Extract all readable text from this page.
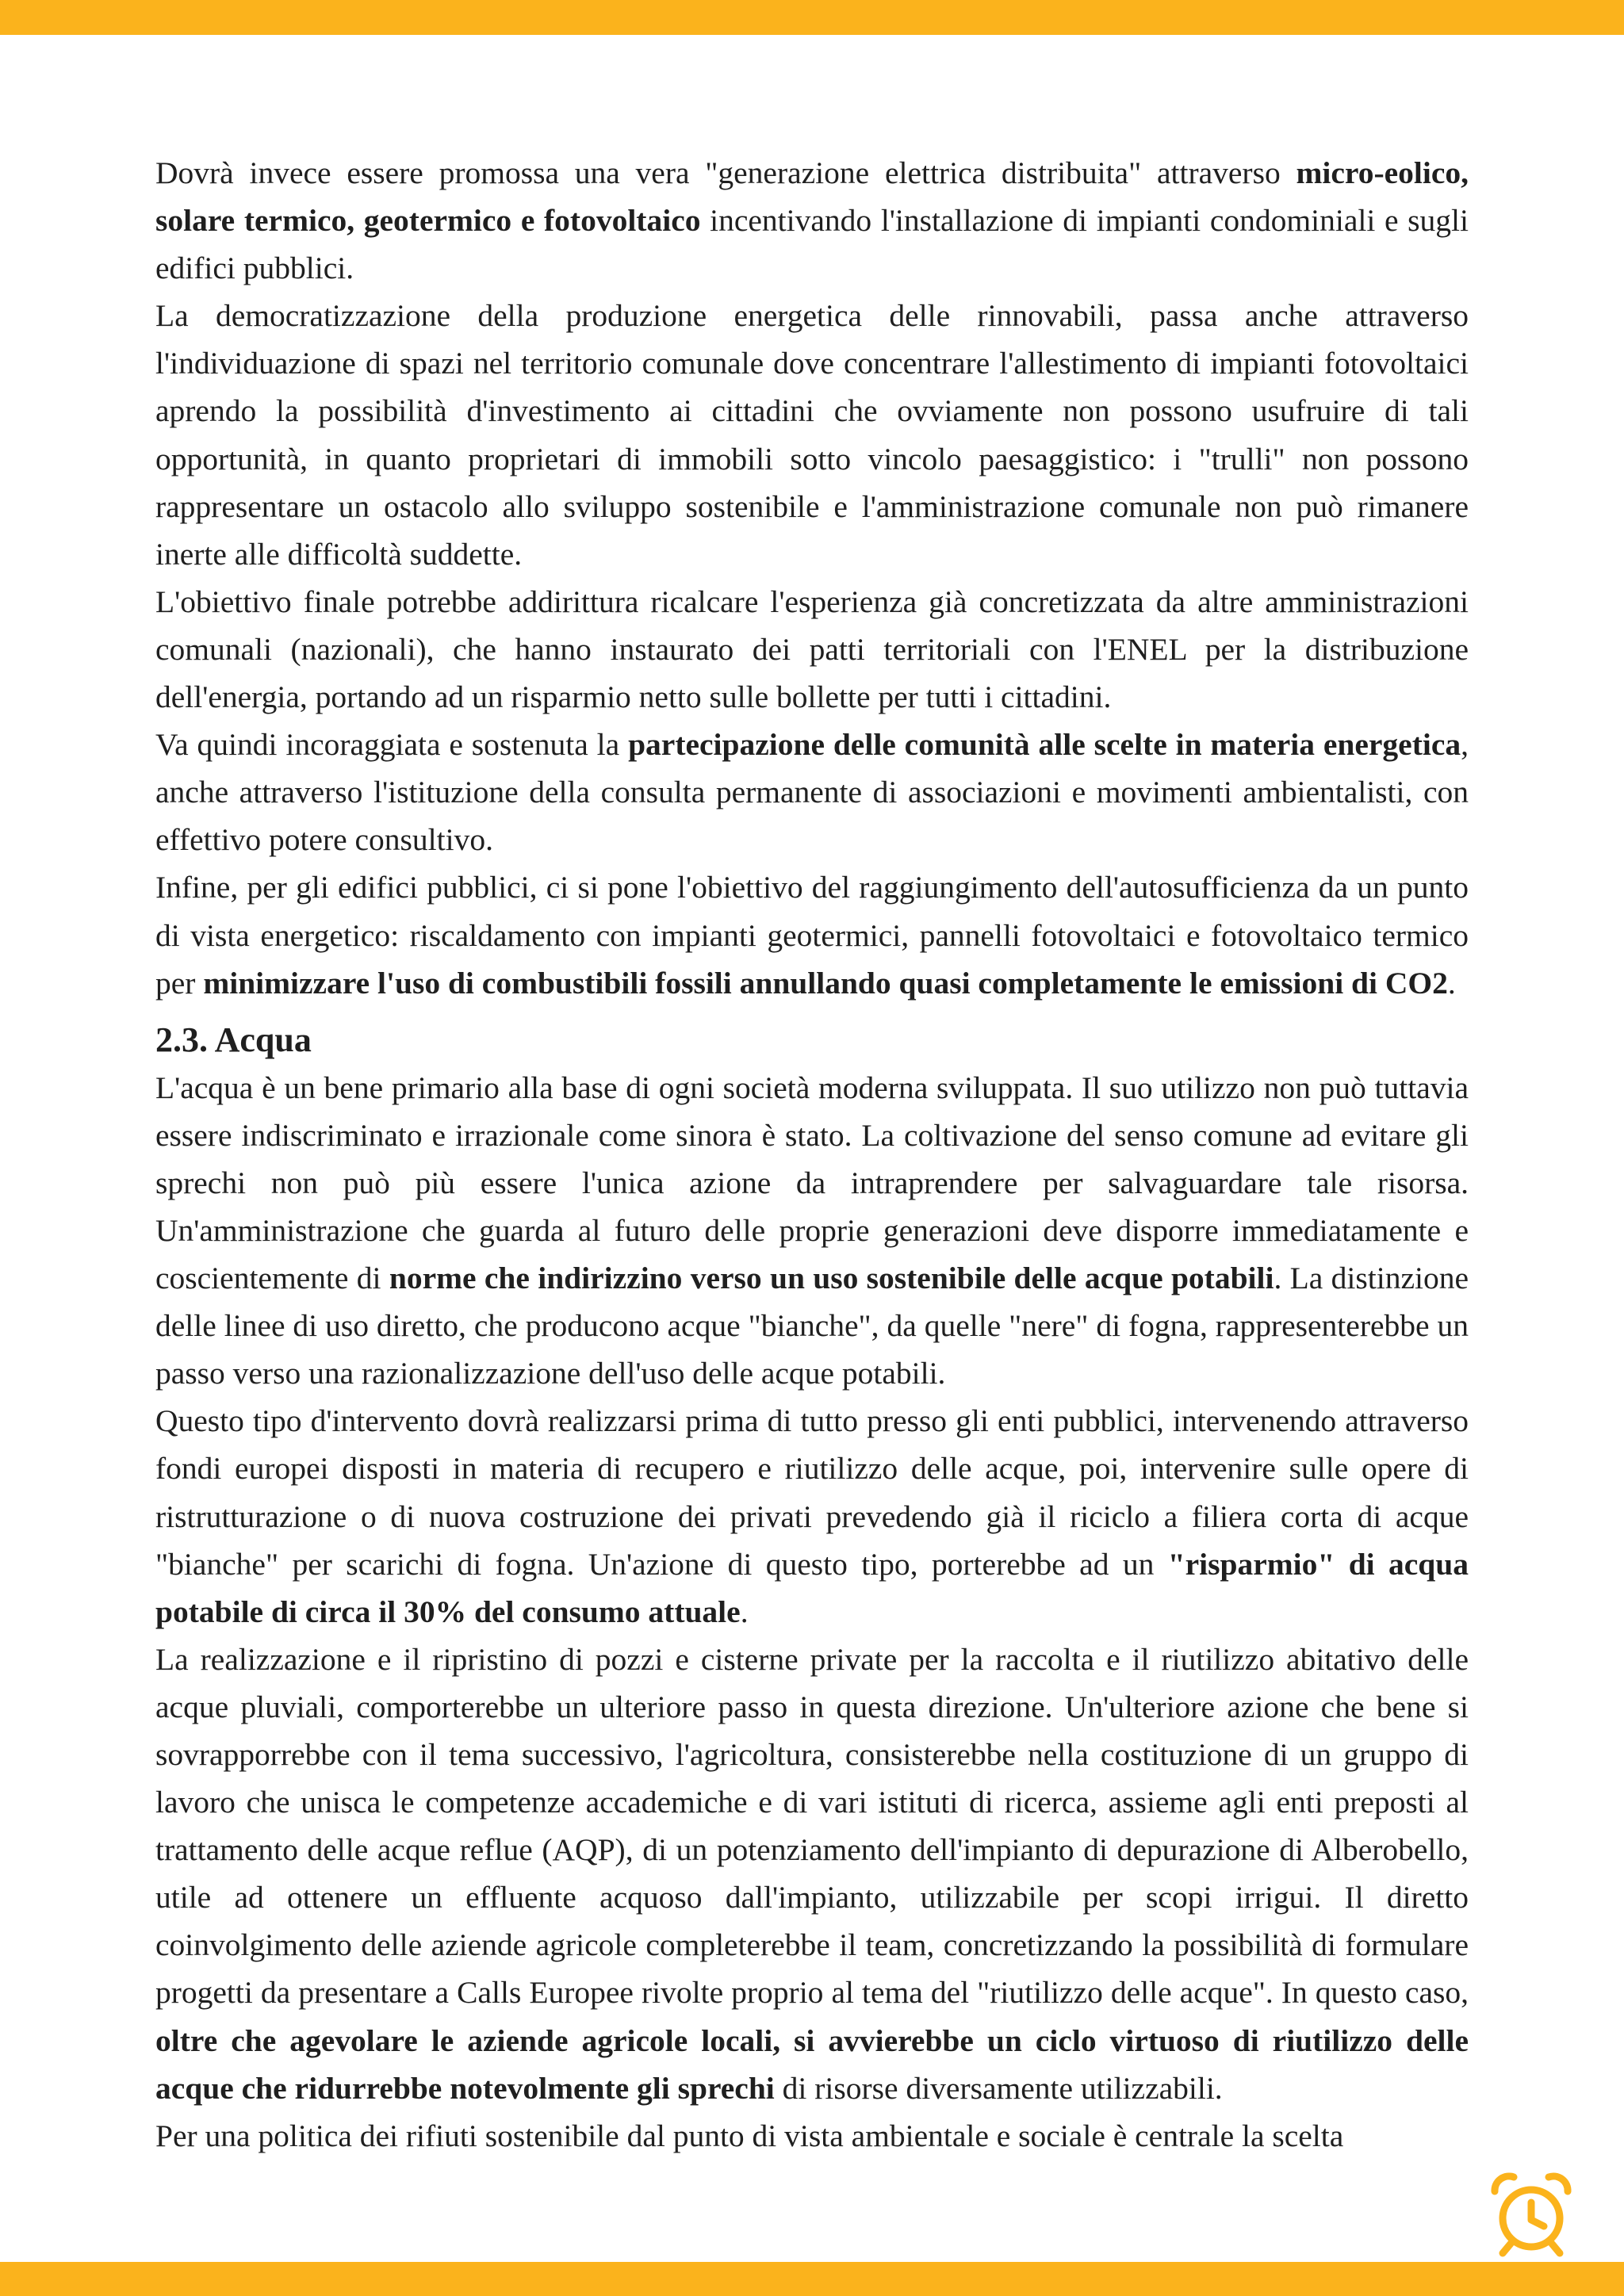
Dovrà invece essere promossa una vera "generazione elettrica distribuita" attraverso micro-eolico, solare termico, geotermico e fotovoltaico incentivando l'installazione di impianti condominiali e sugli edifici pubblici.

La democratizzazione della produzione energetica delle rinnovabili, passa anche attraverso l'individuazione di spazi nel territorio comunale dove concentrare l'allestimento di impianti fotovoltaici aprendo la possibilità d'investimento ai cittadini che ovviamente non possono usufruire di tali opportunità, in quanto proprietari di immobili sotto vincolo paesaggistico: i "trulli" non possono rappresentare un ostacolo allo sviluppo sostenibile e l'amministrazione comunale non può rimanere inerte alle difficoltà suddette.

L'obiettivo finale potrebbe addirittura ricalcare l'esperienza già concretizzata da altre amministrazioni comunali (nazionali), che hanno instaurato dei patti territoriali con l'ENEL per la distribuzione dell'energia, portando ad un risparmio netto sulle bollette per tutti i cittadini.

Va quindi incoraggiata e sostenuta la partecipazione delle comunità alle scelte in materia energetica, anche attraverso l'istituzione della consulta permanente di associazioni e movimenti ambientalisti, con effettivo potere consultivo.

Infine, per gli edifici pubblici, ci si pone l'obiettivo del raggiungimento dell'autosufficienza da un punto di vista energetico: riscaldamento con impianti geotermici, pannelli fotovoltaici e fotovoltaico termico per minimizzare l'uso di combustibili fossili annullando quasi completamente le emissioni di CO2.

2.3. Acqua

L'acqua è un bene primario alla base di ogni società moderna sviluppata. Il suo utilizzo non può tuttavia essere indiscriminato e irrazionale come sinora è stato. La coltivazione del senso comune ad evitare gli sprechi non può più essere l'unica azione da intraprendere per salvaguardare tale risorsa. Un'amministrazione che guarda al futuro delle proprie generazioni deve disporre immediatamente e coscientemente di norme che indirizzino verso un uso sostenibile delle acque potabili. La distinzione delle linee di uso diretto, che producono acque "bianche", da quelle "nere" di fogna, rappresenterebbe un passo verso una razionalizzazione dell'uso delle acque potabili.

Questo tipo d'intervento dovrà realizzarsi prima di tutto presso gli enti pubblici, intervenendo attraverso fondi europei disposti in materia di recupero e riutilizzo delle acque, poi, intervenire sulle opere di ristrutturazione o di nuova costruzione dei privati prevedendo già il riciclo a filiera corta di acque "bianche" per scarichi di fogna. Un'azione di questo tipo, porterebbe ad un "risparmio" di acqua potabile di circa il 30% del consumo attuale.

La realizzazione e il ripristino di pozzi e cisterne private per la raccolta e il riutilizzo abitativo delle acque pluviali, comporterebbe un ulteriore passo in questa direzione. Un'ulteriore azione che bene si sovrapporrebbe con il tema successivo, l'agricoltura, consisterebbe nella costituzione di un gruppo di lavoro che unisca le competenze accademiche e di vari istituti di ricerca, assieme agli enti preposti al trattamento delle acque reflue (AQP), di un potenziamento dell'impianto di depurazione di Alberobello, utile ad ottenere un effluente acquoso dall'impianto, utilizzabile per scopi irrigui. Il diretto coinvolgimento delle aziende agricole completerebbe il team, concretizzando la possibilità di formulare progetti da presentare a Calls Europee rivolte proprio al tema del "riutilizzo delle acque". In questo caso, oltre che agevolare le aziende agricole locali, si avvierebbe un ciclo virtuoso di riutilizzo delle acque che ridurrebbe notevolmente gli sprechi di risorse diversamente utilizzabili.

Per una politica dei rifiuti sostenibile dal punto di vista ambientale e sociale è centrale la scelta
